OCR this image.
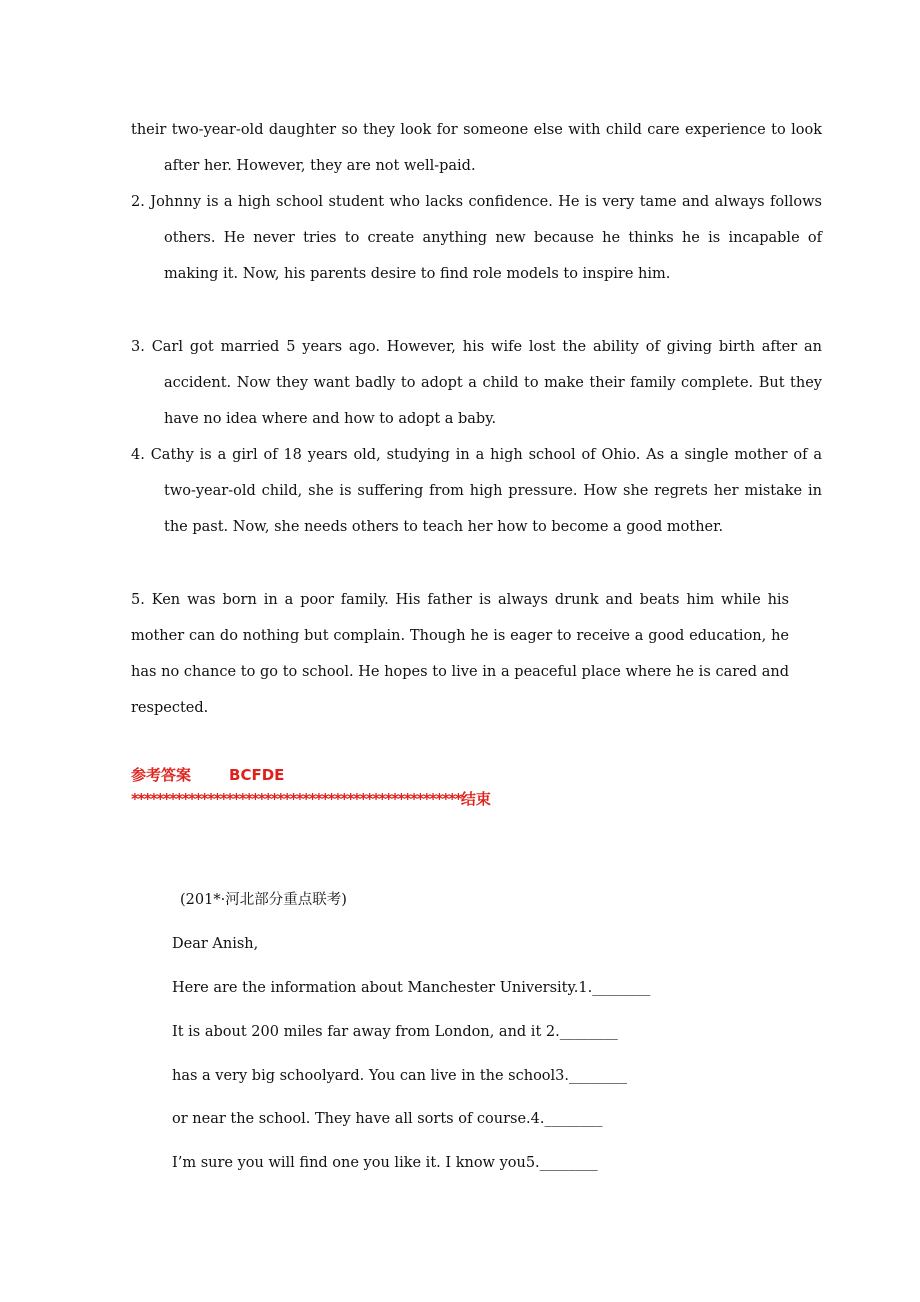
their two-year-old daughter so they look for someone else with child care experience to look after her. However, they are not well-paid.

2. Johnny is a high school student who lacks confidence. He is very tame and always follows others. He never tries to create anything new because he thinks he is incapable of making it. Now, his parents desire to find role models to inspire him.

3. Carl got married 5 years ago. However, his wife lost the ability of giving birth after an accident. Now they want badly to adopt a child to make their family complete. But they have no idea where and how to adopt a baby.

4. Cathy is a girl of 18 years old, studying in a high school of Ohio. As a single mother of a two-year-old child, she is suffering from high pressure. How she regrets her mistake in the past. Now, she needs others to teach her how to become a good mother.

5. Ken was born in a poor family. His father is always drunk and beats him while his mother can do nothing but complain. Though he is eager to receive a good education, he has no chance to go to school. He hopes to live in a peaceful place where he is cared and respected.

参考答案	BCFDE

****************************************************结束

(201*·河北部分重点联考)

Dear Anish,

Here are the information about Manchester University.1.________

It is about 200 miles far away from London, and it 2.________

has a very big schoolyard. You can live in the school3.________

or near the school. They have all sorts of course.4.________

I’m sure you will find one you like it. I know you5.________
